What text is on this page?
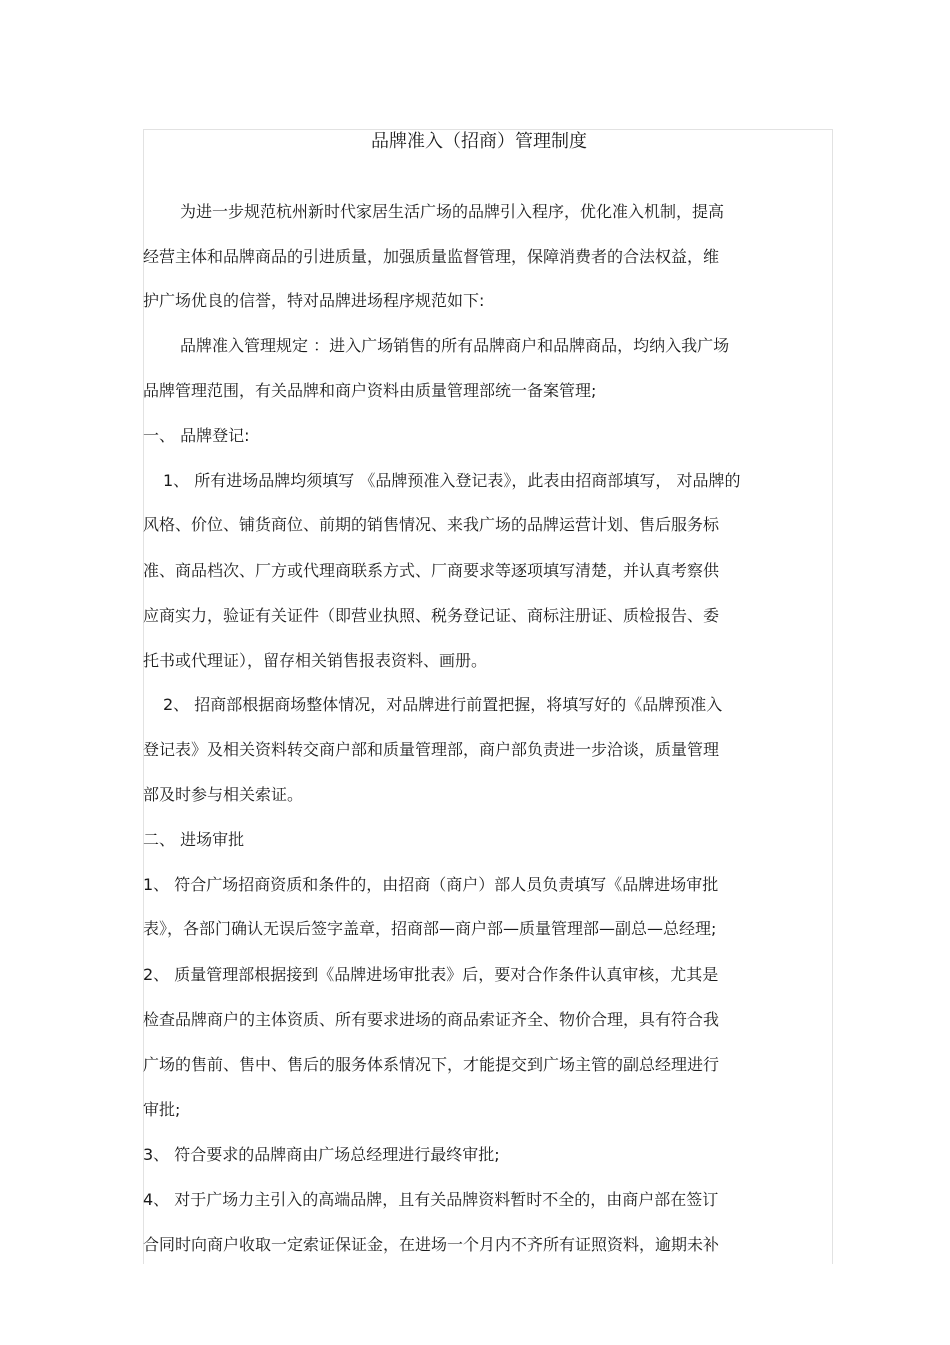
品牌准入（招商）管理制度
为进一步规范杭州新时代家居生活广场的品牌引入程序，优化准入机制，提高
经营主体和品牌商品的引进质量，加强质量监督管理，保障消费者的合法权益，维
护广场优良的信誉，特对品牌进场程序规范如下:
品牌准入管理规定 ：进入广场销售的所有品牌商户和品牌商品，均纳入我广场
品牌管理范围，有关品牌和商户资料由质量管理部统一备案管理;
一、 品牌登记:
1、 所有进场品牌均须填写 《品牌预准入登记表》，此表由招商部填写， 对品牌的
风格、价位、铺货商位、前期的销售情况、来我广场的品牌运营计划、售后服务标
准、商品档次、厂方或代理商联系方式、厂商要求等逐项填写清楚，并认真考察供
应商实力，验证有关证件（即营业执照、税务登记证、商标注册证、质检报告、委
托书或代理证），留存相关销售报表资料、画册。
2、 招商部根据商场整体情况，对品牌进行前置把握，将填写好的《品牌预准入
登记表》及相关资料转交商户部和质量管理部，商户部负责进一步洽谈，质量管理
部及时参与相关索证。
二、 进场审批
1、 符合广场招商资质和条件的，由招商（商户）部人员负责填写《品牌进场审批
表》，各部门确认无误后签字盖章，招商部—商户部—质量管理部—副总—总经理;
2、 质量管理部根据接到《品牌进场审批表》后，要对合作条件认真审核，尤其是
检查品牌商户的主体资质、所有要求进场的商品索证齐全、物价合理，具有符合我
广场的售前、售中、售后的服务体系情况下，才能提交到广场主管的副总经理进行
审批;
3、 符合要求的品牌商由广场总经理进行最终审批;
4、 对于广场力主引入的高端品牌，且有关品牌资料暂时不全的，由商户部在签订
合同时向商户收取一定索证保证金，在进场一个月内不齐所有证照资料，逾期未补
